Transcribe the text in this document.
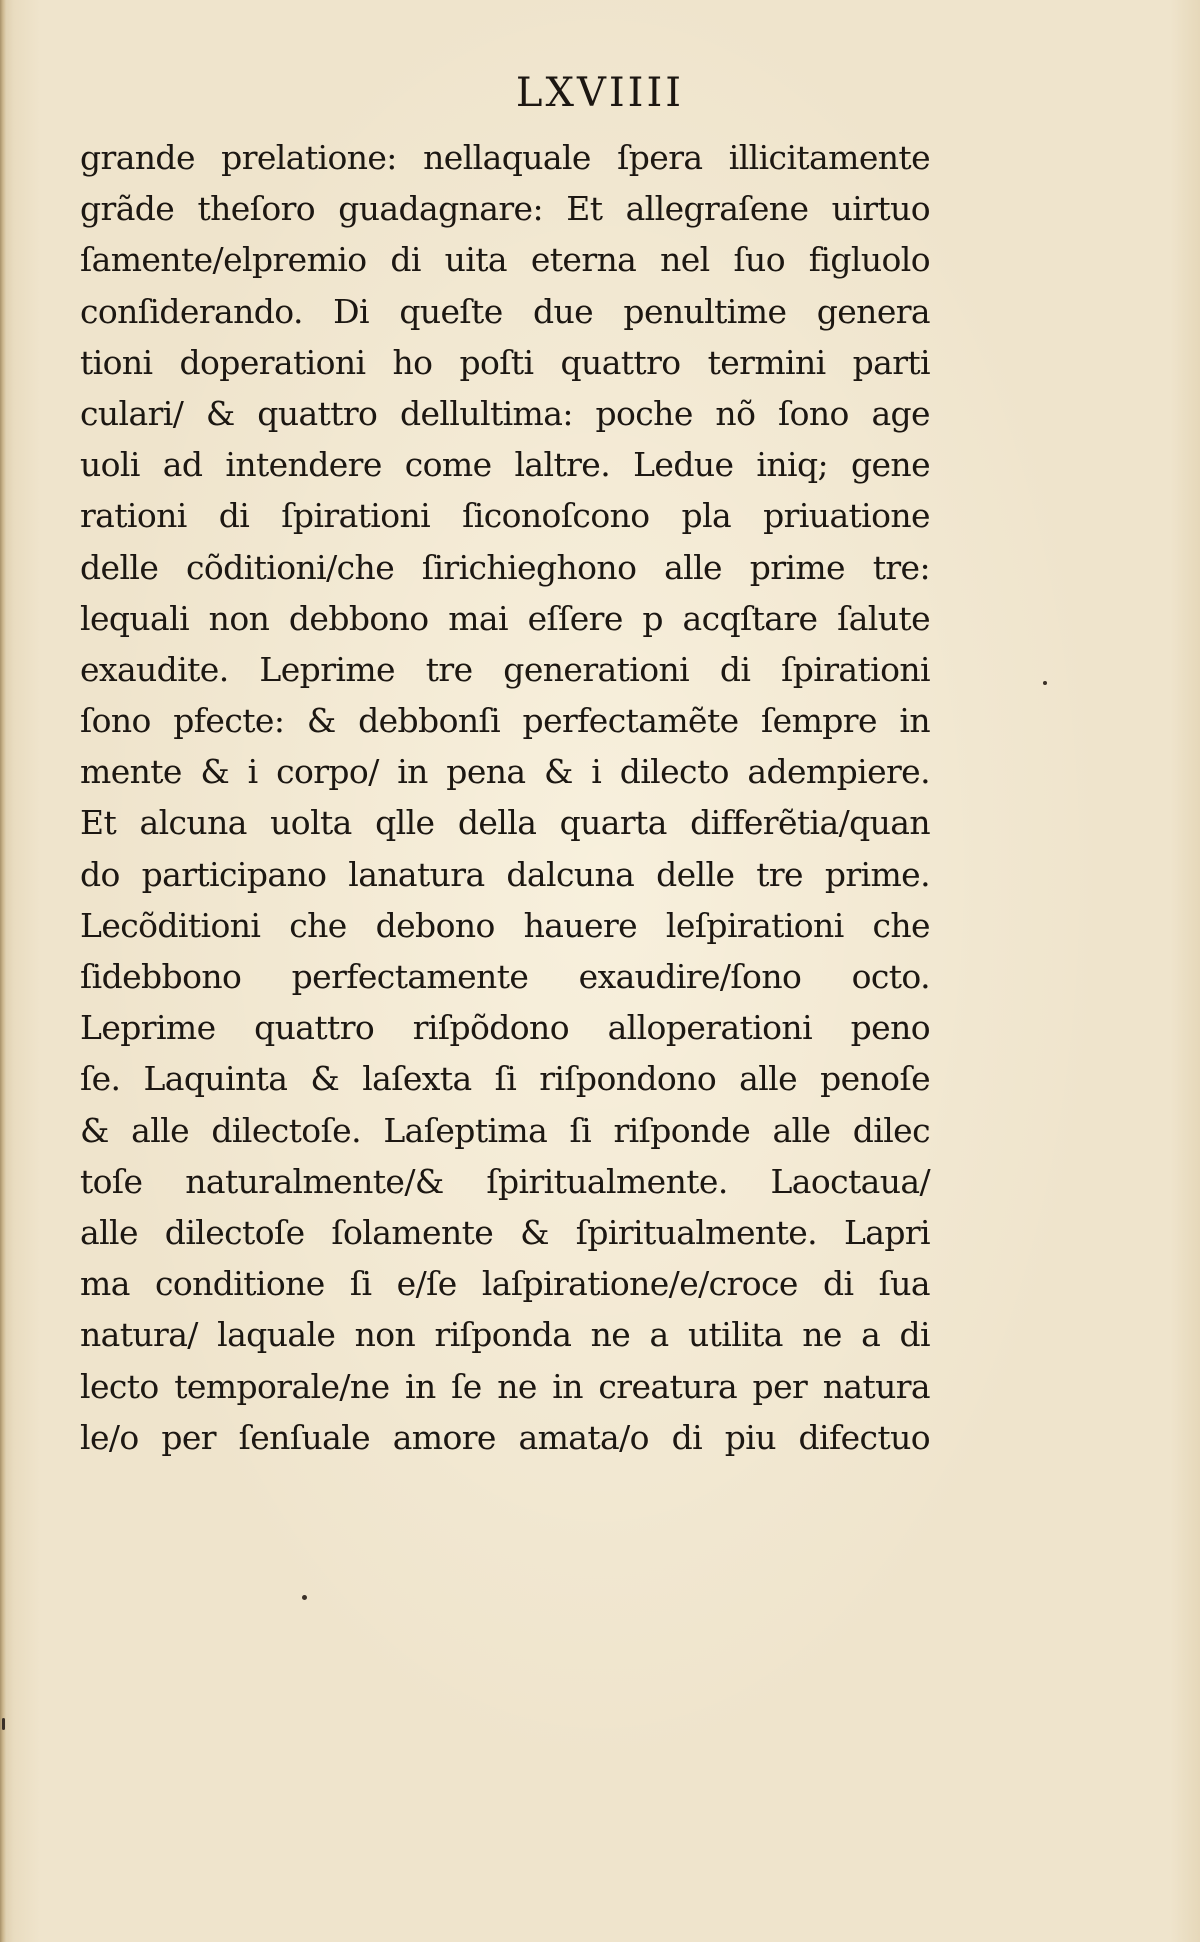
LXVIIII
grande prelatione: nellaquale ſpera illicitamente
grãde theſoro guadagnare: Et allegraſene uirtuo
ſamente/elpremio di uita eterna nel ſuo figluolo
conſiderando. Di queſte due penultime genera
tioni doperationi ho poſti quattro termini parti
culari/ & quattro dellultima: poche nõ ſono age
uoli ad intendere come laltre. Ledue iniq; gene
rationi di ſpirationi ſiconoſcono pla priuatione
delle cõditioni/che ſirichieghono alle prime tre:
lequali non debbono mai eſſere p acqſtare ſalute
exaudite. Leprime tre generationi di ſpirationi
ſono pfecte: & debbonſi perfectamẽte ſempre in
mente & i corpo/ in pena & i dilecto adempiere.
Et alcuna uolta qlle della quarta differẽtia/quan
do participano lanatura dalcuna delle tre prime.
Lecõditioni che debono hauere leſpirationi che
ſidebbono perfectamente exaudire/ſono octo.
Leprime quattro riſpõdono alloperationi peno
ſe. Laquinta & laſexta ſi riſpondono alle penoſe
& alle dilectoſe. Laſeptima ſi riſponde alle dilec
toſe naturalmente/& ſpiritualmente. Laoctaua/
alle dilectoſe ſolamente & ſpiritualmente. Lapri
ma conditione ſi e/ſe laſpiratione/e/croce di ſua
natura/ laquale non riſponda ne a utilita ne a di
lecto temporale/ne in ſe ne in creatura per natura
le/o per ſenſuale amore amata/o di piu difectuo
